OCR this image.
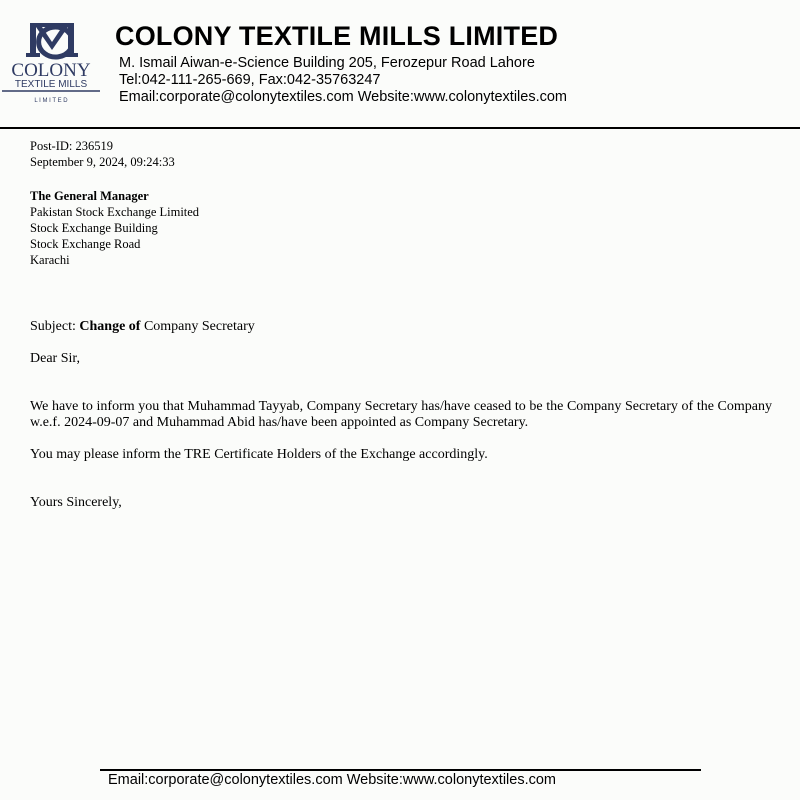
COLONY
TEXTILE MILLS
L I M I T E D
COLONY TEXTILE MILLS LIMITED
M. Ismail Aiwan-e-Science Building 205, Ferozepur Road Lahore
Tel:042-111-265-669, Fax:042-35763247
Email:corporate@colonytextiles.com Website:www.colonytextiles.com
Post-ID: 236519
September 9, 2024, 09:24:33
The General Manager
Pakistan Stock Exchange Limited
Stock Exchange Building
Stock Exchange Road
Karachi
Subject: Change of Company Secretary
Dear Sir,
We have to inform you that Muhammad Tayyab, Company Secretary has/have ceased to be the Company Secretary of the Company w.e.f. 2024-09-07 and Muhammad Abid has/have been appointed as Company Secretary.
You may please inform the TRE Certificate Holders of the Exchange accordingly.
Yours Sincerely,
Email:corporate@colonytextiles.com Website:www.colonytextiles.com
